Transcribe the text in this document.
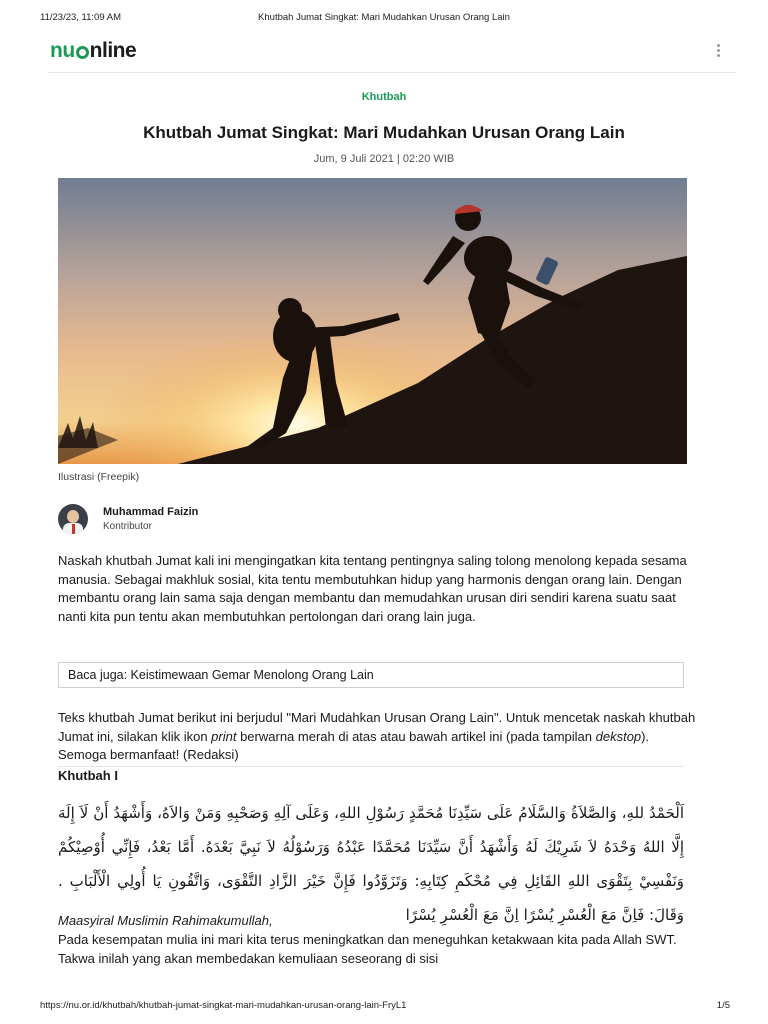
11/23/23, 11:09 AM	Khutbah Jumat Singkat: Mari Mudahkan Urusan Orang Lain
nu nline
Khutbah
Khutbah Jumat Singkat: Mari Mudahkan Urusan Orang Lain
Jum, 9 Juli 2021 | 02:20 WIB
Ilustrasi (Freepik)
Muhammad Faizin
Kontributor

Naskah khutbah Jumat kali ini mengingatkan kita tentang pentingnya saling tolong menolong kepada sesama manusia. Sebagai makhluk sosial, kita tentu membutuhkan hidup yang harmonis dengan orang lain. Dengan membantu orang lain sama saja dengan membantu dan memudahkan urusan diri sendiri karena suatu saat nanti kita pun tentu akan membutuhkan pertolongan dari orang lain juga.

Baca juga: Keistimewaan Gemar Menolong Orang Lain

Teks khutbah Jumat berikut ini berjudul "Mari Mudahkan Urusan Orang Lain". Untuk mencetak naskah khutbah Jumat ini, silakan klik ikon print berwarna merah di atas atau bawah artikel ini (pada tampilan dekstop). Semoga bermanfaat! (Redaksi)

Khutbah I

اَلْحَمْدُ للهِ، وَالصَّلاَةُ وَالسَّلَامُ عَلَى سَيِّدِنَا مُحَمَّدٍ رَسُوْلِ اللهِ، وَعَلَى آلِهِ وَصَحْبِهِ وَمَنْ وَالاَهُ، وَأَشْهَدُ أَنْ لَاَ إِلَهَ إِلَّا اللهُ وَحْدَهُ لاَ شَرِيْكَ لَهُ وَأَشْهَدُ أَنَّ سَيِّدَنَا مُحَمَّدًا عَبْدُهُ وَرَسُوْلُهُ لاَ نَبِيَّ بَعْدَهُ. أَمَّا بَعْدُ، فَإِنِّي أُوْصِيْكُمْ وَنَفْسِيْ بِتَقْوَى اللهِ القَائِلِ فِي مُحْكَمِ كِتَابِهِ: وَتَزَوَّدُوا فَإِنَّ خَيْرَ الزَّادِ التَّقْوَى، وَاتَّقُونِ يَا أُولِي الْأَلْبَابِ . وَقَالَ: فَاِنَّ مَعَ الْعُسْرِ يُسْرًا اِنَّ مَعَ الْعُسْرِ يُسْرًا

Maasyiral Muslimin Rahimakumullah,

Pada kesempatan mulia ini mari kita terus meningkatkan dan meneguhkan ketakwaan kita pada Allah SWT. Takwa inilah yang akan membedakan kemuliaan seseorang di sisi

https://nu.or.id/khutbah/khutbah-jumat-singkat-mari-mudahkan-urusan-orang-lain-FryL1	1/5
